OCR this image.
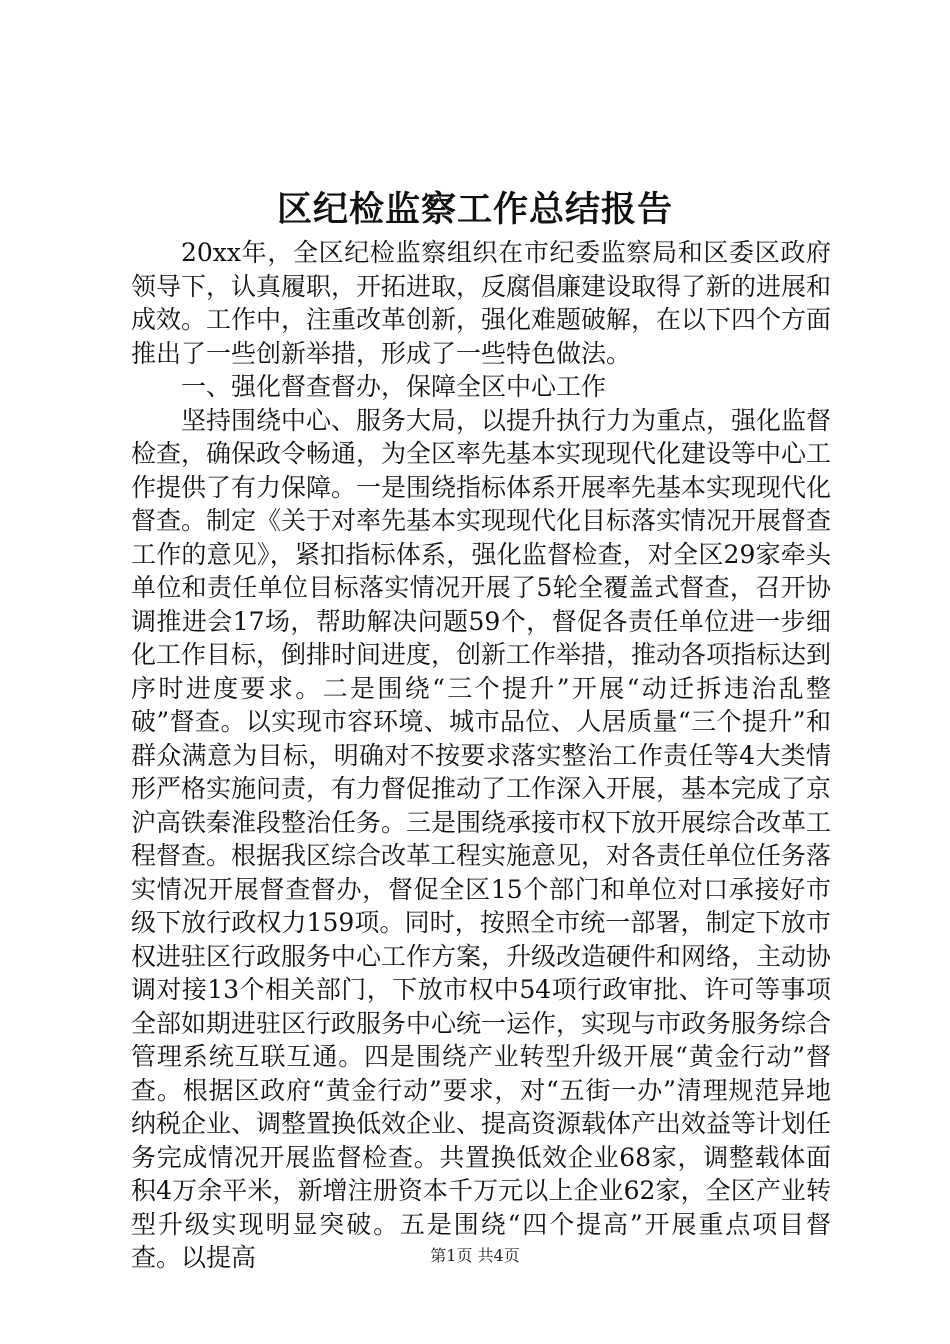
区纪检监察工作总结报告

20xx年，全区纪检监察组织在市纪委监察局和区委区政府领导下，认真履职，开拓进取，反腐倡廉建设取得了新的进展和成效。工作中，注重改革创新，强化难题破解，在以下四个方面推出了一些创新举措，形成了一些特色做法。

一、强化督查督办，保障全区中心工作

坚持围绕中心、服务大局，以提升执行力为重点，强化监督检查，确保政令畅通，为全区率先基本实现现代化建设等中心工作提供了有力保障。一是围绕指标体系开展率先基本实现现代化督查。制定《关于对率先基本实现现代化目标落实情况开展督查工作的意见》，紧扣指标体系，强化监督检查，对全区29家牵头单位和责任单位目标落实情况开展了5轮全覆盖式督查，召开协调推进会17场，帮助解决问题59个，督促各责任单位进一步细化工作目标，倒排时间进度，创新工作举措，推动各项指标达到序时进度要求。二是围绕“三个提升”开展“动迁拆违治乱整破”督查。以实现市容环境、城市品位、人居质量“三个提升”和群众满意为目标，明确对不按要求落实整治工作责任等4大类情形严格实施问责，有力督促推动了工作深入开展，基本完成了京沪高铁秦淮段整治任务。三是围绕承接市权下放开展综合改革工程督查。根据我区综合改革工程实施意见，对各责任单位任务落实情况开展督查督办，督促全区15个部门和单位对口承接好市级下放行政权力159项。同时，按照全市统一部署，制定下放市权进驻区行政服务中心工作方案，升级改造硬件和网络，主动协调对接13个相关部门，下放市权中54项行政审批、许可等事项全部如期进驻区行政服务中心统一运作，实现与市政务服务综合管理系统互联互通。四是围绕产业转型升级开展“黄金行动”督查。根据区政府“黄金行动”要求，对“五街一办”清理规范异地纳税企业、调整置换低效企业、提高资源载体产出效益等计划任务完成情况开展监督检查。共置换低效企业68家，调整载体面积4万余平米，新增注册资本千万元以上企业62家，全区产业转型升级实现明显突破。五是围绕“四个提高”开展重点项目督查。以提高	第1页 共4页
